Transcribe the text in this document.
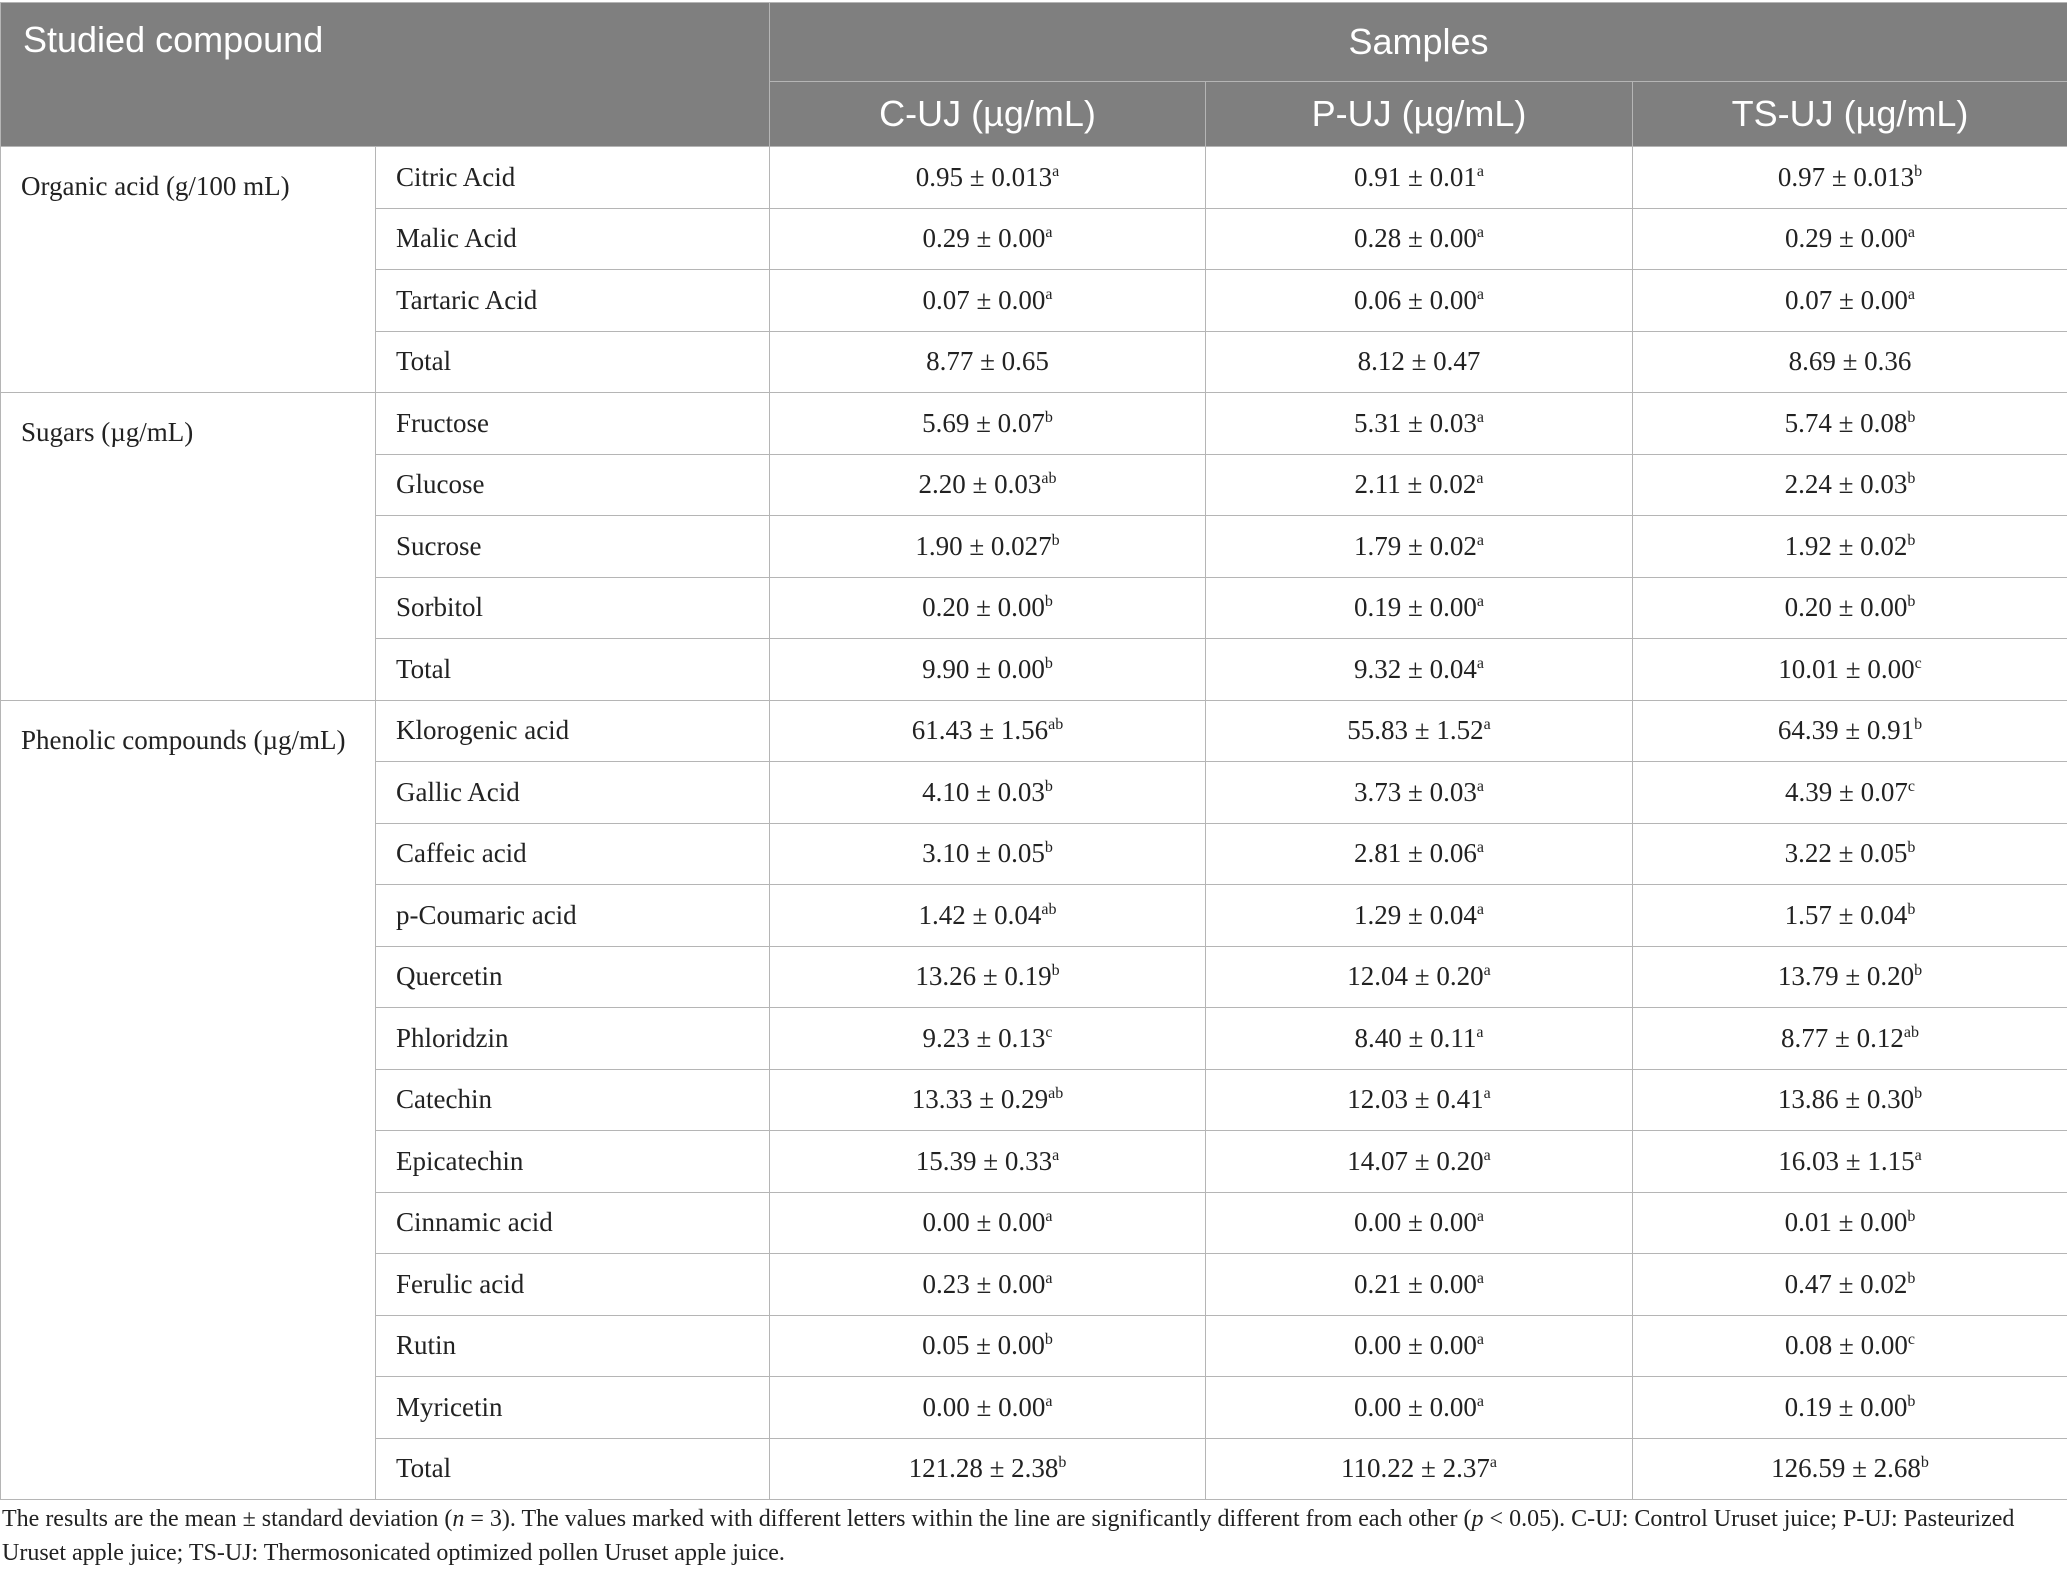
Studied compound		Samples		
		C-UJ (µg/mL)	P-UJ (µg/mL)	TS-UJ (µg/mL)
Organic acid (g/100 mL)	Citric Acid	0.95 ± 0.013$^a$	0.91 ± 0.01$^a$	0.97 ± 0.013$^b$
	Malic Acid	0.29 ± 0.00$^a$	0.28 ± 0.00$^a$	0.29 ± 0.00$^a$
	Tartaric Acid	0.07 ± 0.00$^a$	0.06 ± 0.00$^a$	0.07 ± 0.00$^a$
	Total	8.77 ± 0.65	8.12 ± 0.47	8.69 ± 0.36
Sugars (µg/mL)	Fructose	5.69 ± 0.07$^b$	5.31 ± 0.03$^a$	5.74 ± 0.08$^b$
	Glucose	2.20 ± 0.03$^{ab}$	2.11 ± 0.02$^a$	2.24 ± 0.03$^b$
	Sucrose	1.90 ± 0.027$^b$	1.79 ± 0.02$^a$	1.92 ± 0.02$^b$
	Sorbitol	0.20 ± 0.00$^b$	0.19 ± 0.00$^a$	0.20 ± 0.00$^b$
	Total	9.90 ± 0.00$^b$	9.32 ± 0.04$^a$	10.01 ± 0.00$^c$
Phenolic compounds (µg/mL)	Klorogenic acid	61.43 ± 1.56$^{ab}$	55.83 ± 1.52$^a$	64.39 ± 0.91$^b$
	Gallic Acid	4.10 ± 0.03$^b$	3.73 ± 0.03$^a$	4.39 ± 0.07$^c$
	Caffeic acid	3.10 ± 0.05$^b$	2.81 ± 0.06$^a$	3.22 ± 0.05$^b$
	p-Coumaric acid	1.42 ± 0.04$^{ab}$	1.29 ± 0.04$^a$	1.57 ± 0.04$^b$
	Quercetin	13.26 ± 0.19$^b$	12.04 ± 0.20$^a$	13.79 ± 0.20$^b$
	Phloridzin	9.23 ± 0.13$^c$	8.40 ± 0.11$^a$	8.77 ± 0.12$^{ab}$
	Catechin	13.33 ± 0.29$^{ab}$	12.03 ± 0.41$^a$	13.86 ± 0.30$^b$
	Epicatechin	15.39 ± 0.33$^a$	14.07 ± 0.20$^a$	16.03 ± 1.15$^a$
	Cinnamic acid	0.00 ± 0.00$^a$	0.00 ± 0.00$^a$	0.01 ± 0.00$^b$
	Ferulic acid	0.23 ± 0.00$^a$	0.21 ± 0.00$^a$	0.47 ± 0.02$^b$
	Rutin	0.05 ± 0.00$^b$	0.00 ± 0.00$^a$	0.08 ± 0.00$^c$
	Myricetin	0.00 ± 0.00$^a$	0.00 ± 0.00$^a$	0.19 ± 0.00$^b$
	Total	121.28 ± 2.38$^b$	110.22 ± 2.37$^a$	126.59 ± 2.68$^b$
The results are the mean ± standard deviation (n = 3). The values marked with different letters within the line are significantly different from each other (p < 0.05). C-UJ: Control Uruset juice; P-UJ: Pasteurized Uruset apple juice; TS-UJ: Thermosonicated optimized pollen Uruset apple juice.
